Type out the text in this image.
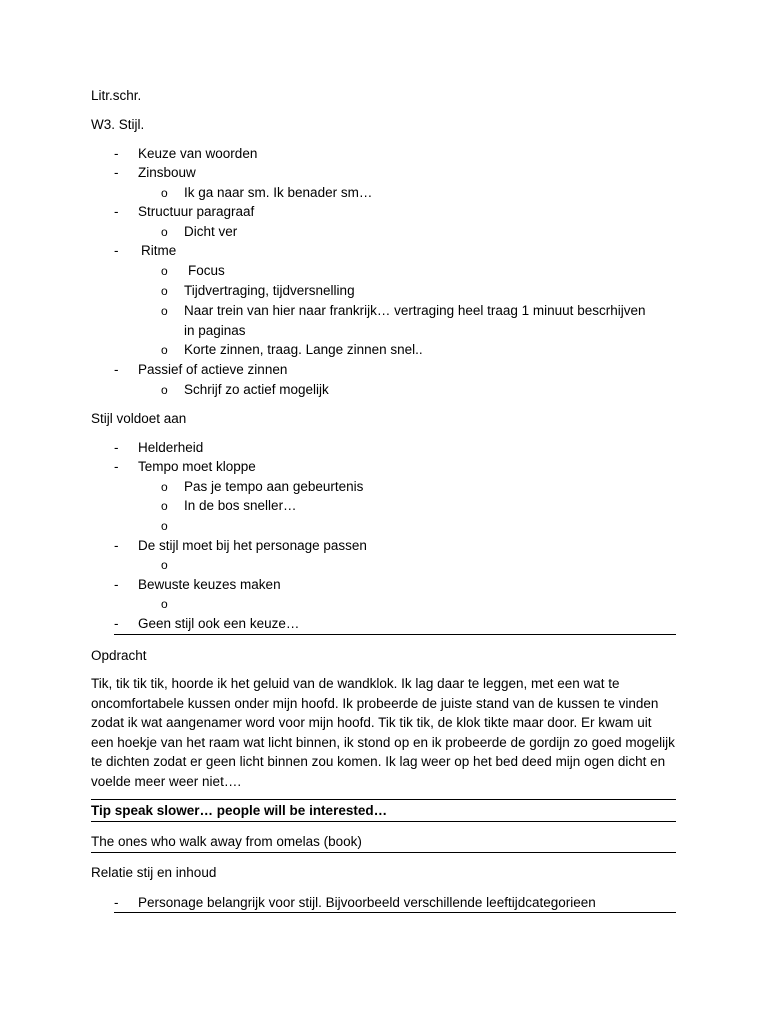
Litr.schr.
W3. Stijl.
-	Keuze van woorden
-	Zinsbouw
o Ik ga naar sm. Ik benader sm…
-	Structuur paragraaf
o Dicht ver
-	Ritme
o Focus
o Tijdvertraging, tijdversnelling
o Naar trein van hier naar frankrijk… vertraging heel traag 1 minuut bescrhijven
in paginas
o Korte zinnen, traag. Lange zinnen snel..
-	Passief of actieve zinnen
o Schrijf zo actief mogelijk
Stijl voldoet aan
-	Helderheid
-	Tempo moet kloppe
o Pas je tempo aan gebeurtenis
o In de bos sneller…
o
-	De stijl moet bij het personage passen
o
-	Bewuste keuzes maken
o
-	Geen stijl ook een keuze…
Opdracht
Tik, tik tik tik, hoorde ik het geluid van de wandklok. Ik lag daar te leggen, met een wat te oncomfortabele kussen onder mijn hoofd. Ik probeerde de juiste stand van de kussen te vinden zodat ik wat aangenamer word voor mijn hoofd. Tik tik tik, de klok tikte maar door. Er kwam uit een hoekje van het raam wat licht binnen, ik stond op en ik probeerde de gordijn zo goed mogelijk te dichten zodat er geen licht binnen zou komen. Ik lag weer op het bed deed mijn ogen dicht en voelde meer weer niet….
Tip speak slower… people will be interested…
The ones who walk away from omelas (book)
Relatie stij en inhoud
-	Personage belangrijk voor stijl. Bijvoorbeeld verschillende leeftijdcategorieen
